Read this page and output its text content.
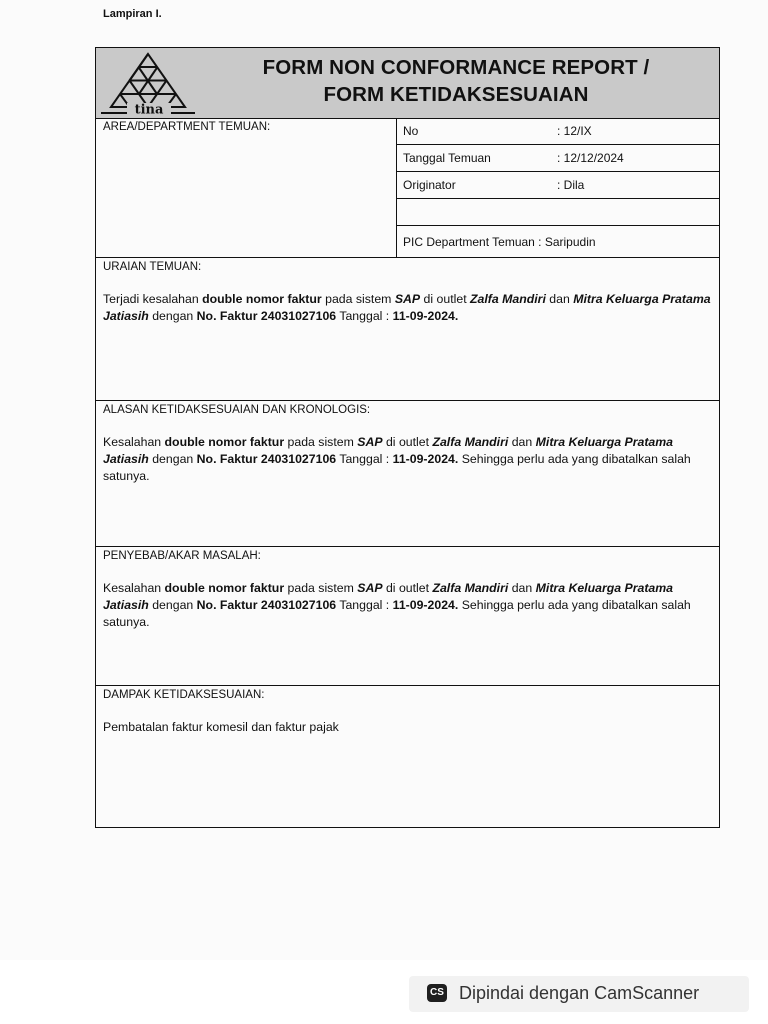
Lampiran I.
tina
FORM NON CONFORMANCE REPORT /
FORM KETIDAKSESUAIAN
AREA/DEPARTMENT TEMUAN:	No	: 12/IX
Tanggal Temuan	: 12/12/2024
Originator	: Dila
PIC Department Temuan : Saripudin
URAIAN TEMUAN:
Terjadi kesalahan double nomor faktur pada sistem SAP di outlet Zalfa Mandiri dan Mitra Keluarga Pratama Jatiasih dengan No. Faktur 24031027106 Tanggal : 11-09-2024.
ALASAN KETIDAKSESUAIAN DAN KRONOLOGIS:
Kesalahan double nomor faktur pada sistem SAP di outlet Zalfa Mandiri dan Mitra Keluarga Pratama Jatiasih dengan No. Faktur 24031027106 Tanggal : 11-09-2024. Sehingga perlu ada yang dibatalkan salah satunya.
PENYEBAB/AKAR MASALAH:
Kesalahan double nomor faktur pada sistem SAP di outlet Zalfa Mandiri dan Mitra Keluarga Pratama Jatiasih dengan No. Faktur 24031027106 Tanggal : 11-09-2024. Sehingga perlu ada yang dibatalkan salah satunya.
DAMPAK KETIDAKSESUAIAN:
Pembatalan faktur komesil dan faktur pajak
CS Dipindai dengan CamScanner
